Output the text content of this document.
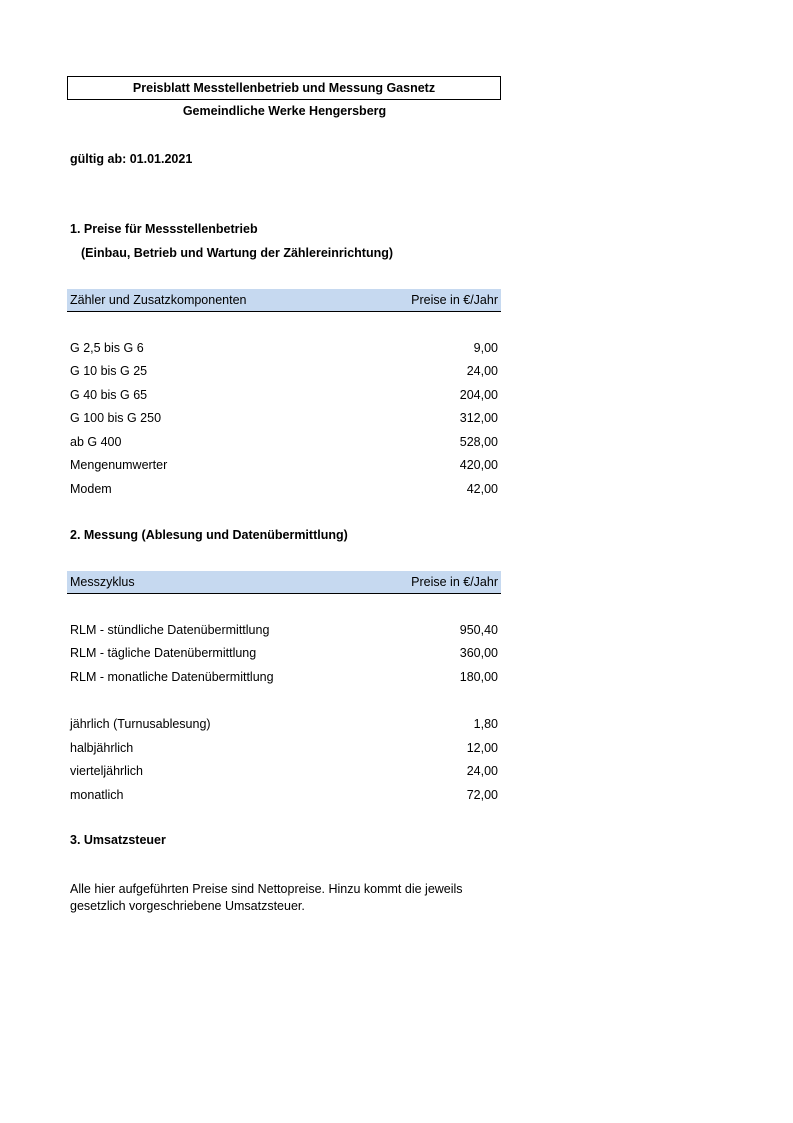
Preisblatt Messtellenbetrieb und Messung Gasnetz
Gemeindliche Werke Hengersberg
gültig ab: 01.01.2021
1. Preise für Messstellenbetrieb
(Einbau, Betrieb und Wartung der Zählereinrichtung)
Zähler und Zusatzkomponenten	Preise in €/Jahr
G 2,5 bis G 6	9,00
G 10 bis G 25	24,00
G 40 bis G 65	204,00
G 100 bis G 250	312,00
ab G 400	528,00
Mengenumwerter	420,00
Modem	42,00
2. Messung (Ablesung und Datenübermittlung)
Messzyklus	Preise in €/Jahr
RLM - stündliche Datenübermittlung	950,40
RLM - tägliche Datenübermittlung	360,00
RLM - monatliche Datenübermittlung	180,00
jährlich (Turnusablesung)	1,80
halbjährlich	12,00
vierteljährlich	24,00
monatlich	72,00
3. Umsatzsteuer
Alle hier aufgeführten Preise sind Nettopreise. Hinzu kommt die jeweils gesetzlich vorgeschriebene Umsatzsteuer.
